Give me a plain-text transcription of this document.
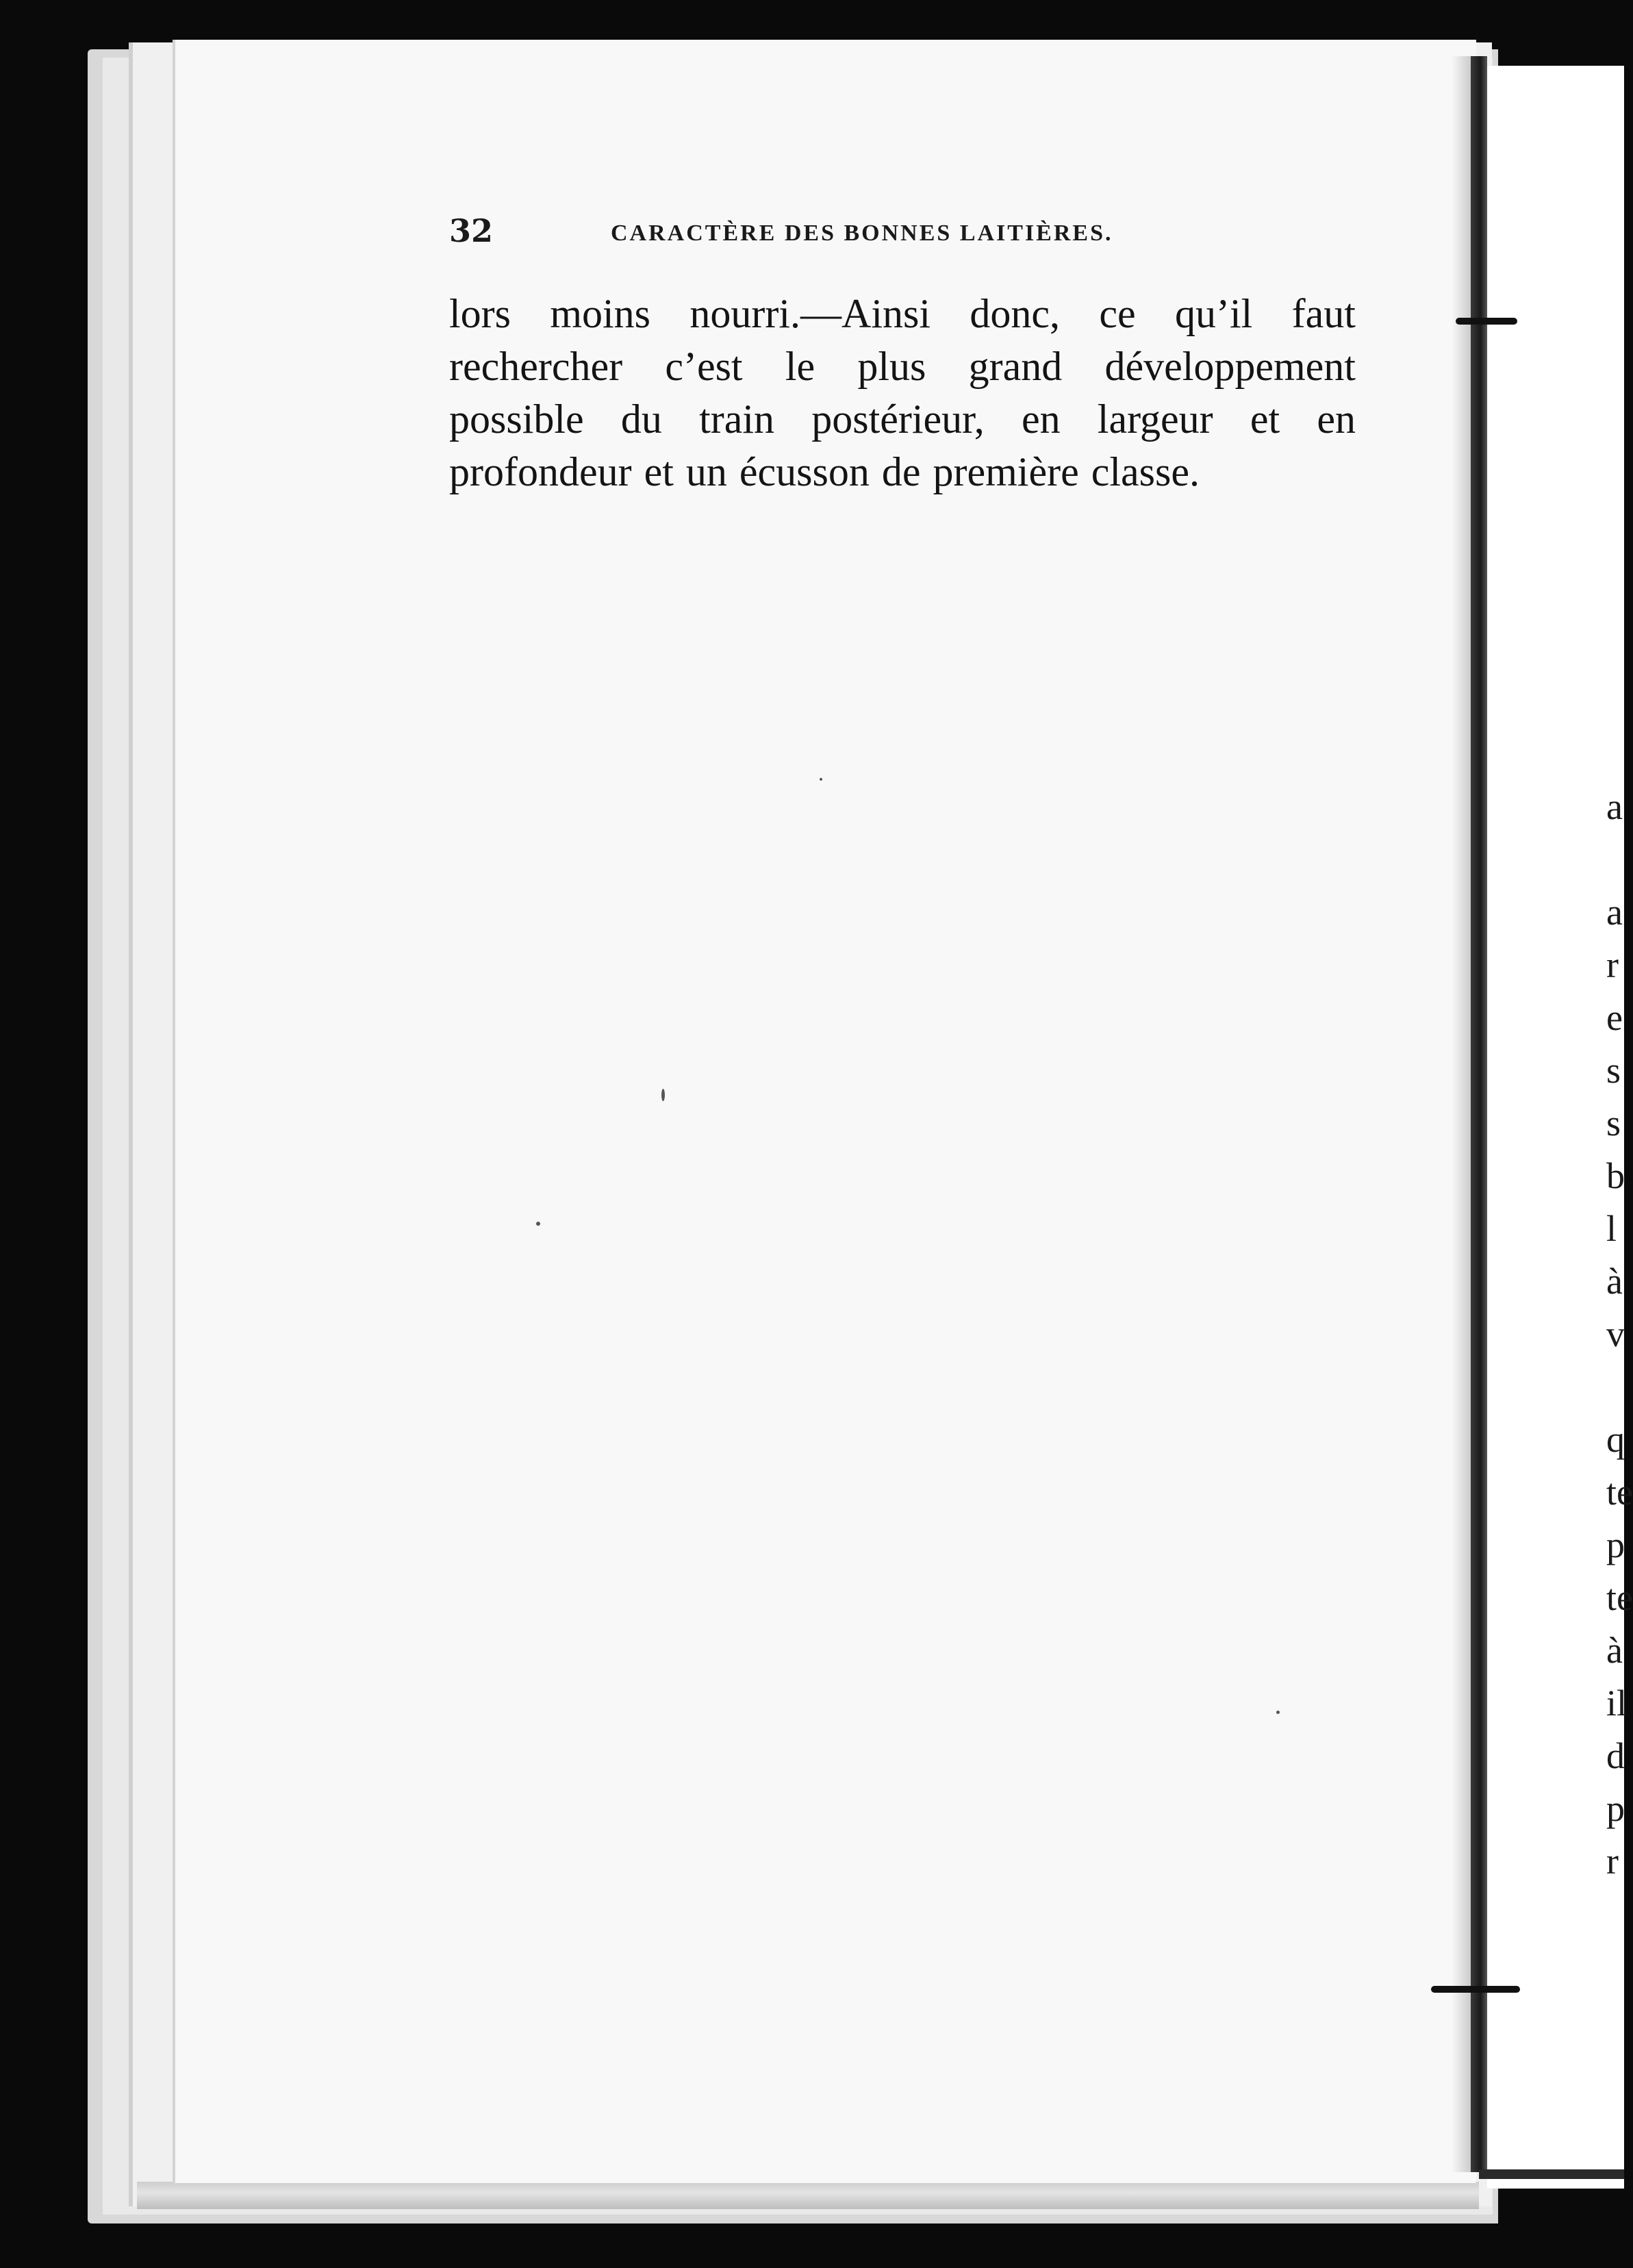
32	CARACTÈRE DES BONNES LAITIÈRES.
lors moins nourri.—Ainsi donc, ce qu’il faut
rechercher c’est le plus grand développement
possible du train postérieur, en largeur et en
profondeur et un écusson de première classe.
a
a
r
e
s
s
b
l
à
v
q
te
p
te
à
il
d
p
r
